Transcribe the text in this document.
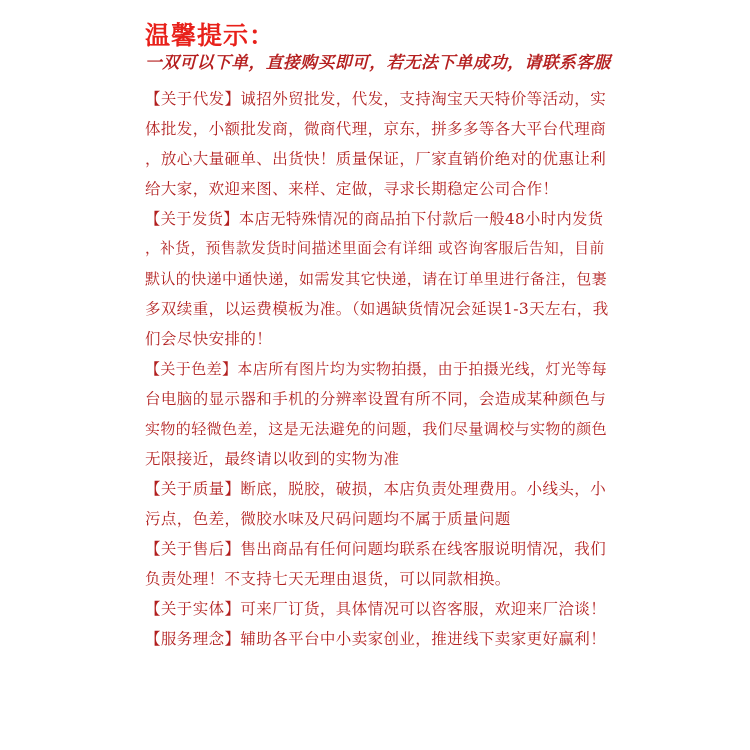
温馨提示：
一双可以下单，直接购买即可，若无法下单成功，请联系客服
【关于代发】诚招外贸批发，代发，支持淘宝天天特价等活动，实
体批发，小额批发商，微商代理，京东，拼多多等各大平台代理商
，放心大量砸单、出货快！质量保证，厂家直销价绝对的优惠让利
给大家，欢迎来图、来样、定做，寻求长期稳定公司合作！
【关于发货】本店无特殊情况的商品拍下付款后一般48小时内发货
，补货，预售款发货时间描述里面会有详细 或咨询客服后告知，目前
默认的快递中通快递，如需发其它快递，请在订单里进行备注，包裹
多双续重，以运费模板为准。（如遇缺货情况会延误1-3天左右，我
们会尽快安排的！
【关于色差】本店所有图片均为实物拍摄，由于拍摄光线，灯光等每
台电脑的显示器和手机的分辨率设置有所不同，会造成某种颜色与
实物的轻微色差，这是无法避免的问题，我们尽量调校与实物的颜色
无限接近，最终请以收到的实物为准
【关于质量】断底，脱胶，破损，本店负责处理费用。小线头，小
污点，色差，微胶水味及尺码问题均不属于质量问题
【关于售后】售出商品有任何问题均联系在线客服说明情况，我们
负责处理！不支持七天无理由退货，可以同款相换。
【关于实体】可来厂订货，具体情况可以咨客服，欢迎来厂洽谈！
【服务理念】辅助各平台中小卖家创业，推进线下卖家更好赢利！
